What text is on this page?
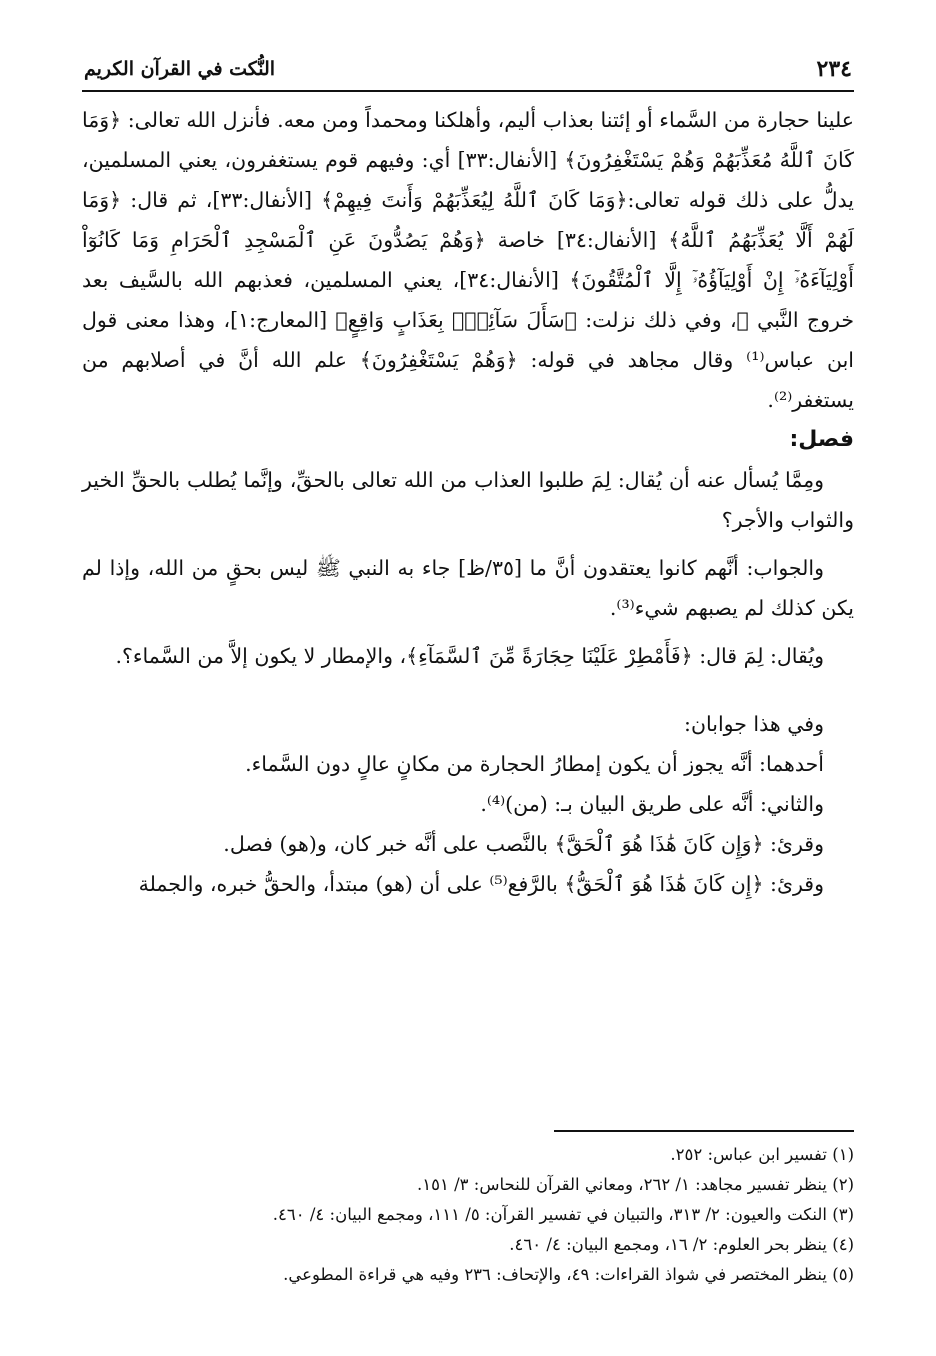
٢٣٤
النُّكت في القرآن الكريم

علينا حجارة من السَّماء أو إئتنا بعذاب أليم، وأهلكنا ومحمداً ومن معه. فأنزل الله تعالى: ﴿وَمَا كَانَ ٱللَّهُ مُعَذِّبَهُمْ وَهُمْ يَسْتَغْفِرُونَ﴾ [الأنفال:٣٣] أي: وفيهم قوم يستغفرون، يعني المسلمين، يدلُّ على ذلك قوله تعالى:﴿وَمَا كَانَ ٱللَّهُ لِيُعَذِّبَهُمْ وَأَنتَ فِيهِمْ﴾ [الأنفال:٣٣]، ثم قال: ﴿وَمَا لَهُمْ أَلَّا يُعَذِّبَهُمُ ٱللَّهُ﴾ [الأنفال:٣٤] خاصة ﴿وَهُمْ يَصُدُّونَ عَنِ ٱلْمَسْجِدِ ٱلْحَرَامِ وَمَا كَانُوٓاْ أَوْلِيَآءَهُۥٓ إِنْ أَوْلِيَآؤُهُۥٓ إِلَّا ٱلْمُتَّقُونَ﴾ [الأنفال:٣٤]، يعني المسلمين، فعذبهم الله بالسَّيف بعد خروج النَّبي ﷺ، وفي ذلك نزلت: ﴿سَأَلَ سَآئِلٌۢ بِعَذَابٍ وَاقِعٍ﴾ [المعارج:١]، وهذا معنى قول ابن عباس⁽¹⁾ وقال مجاهد في قوله: ﴿وَهُمْ يَسْتَغْفِرُونَ﴾ علم الله أنَّ في أصلابهم من يستغفر⁽²⁾.

فصل:

ومِمَّا يُسأل عنه أن يُقال: لِمَ طلبوا العذاب من الله تعالى بالحقِّ، وإنَّما يُطلب بالحقِّ الخير والثواب والأجر؟

والجواب: أنَّهم كانوا يعتقدون أنَّ ما [٣٥/ظ] جاء به النبي ﷺ ليس بحقٍ من الله، وإذا لم يكن كذلك لم يصبهم شيء⁽³⁾.

ويُقال: لِمَ قال: ﴿فَأَمْطِرْ عَلَيْنَا حِجَارَةً مِّنَ ٱلسَّمَآءِ﴾، والإمطار لا يكون إلاَّ من السَّماء؟.

وفي هذا جوابان:

أحدهما: أنَّه يجوز أن يكون إمطارُ الحجارة من مكانٍ عالٍ دون السَّماء.

والثاني: أنَّه على طريق البيان بـ: (من)⁽⁴⁾.

وقرئ: ﴿وَإِن كَانَ هَٰذَا هُوَ ٱلْحَقَّ﴾ بالنَّصب على أنَّه خبر كان، و(هو) فصل.

وقرئ: ﴿إِن كَانَ هَٰذَا هُوَ ٱلْحَقُّ﴾ بالرَّفع⁽⁵⁾ على أن (هو) مبتدأ، والحقُّ خبره، والجملة

(١) تفسير ابن عباس: ٢٥٢.

(٢) ينظر تفسير مجاهد: ١/ ٢٦٢، ومعاني القرآن للنحاس: ٣/ ١٥١.

(٣) النكت والعيون: ٢/ ٣١٣، والتبيان في تفسير القرآن: ٥/ ١١١، ومجمع البيان: ٤/ ٤٦٠.

(٤) ينظر بحر العلوم: ٢/ ١٦، ومجمع البيان: ٤/ ٤٦٠.

(٥) ينظر المختصر في شواذ القراءات: ٤٩، والإتحاف: ٢٣٦ وفيه هي قراءة المطوعي.
